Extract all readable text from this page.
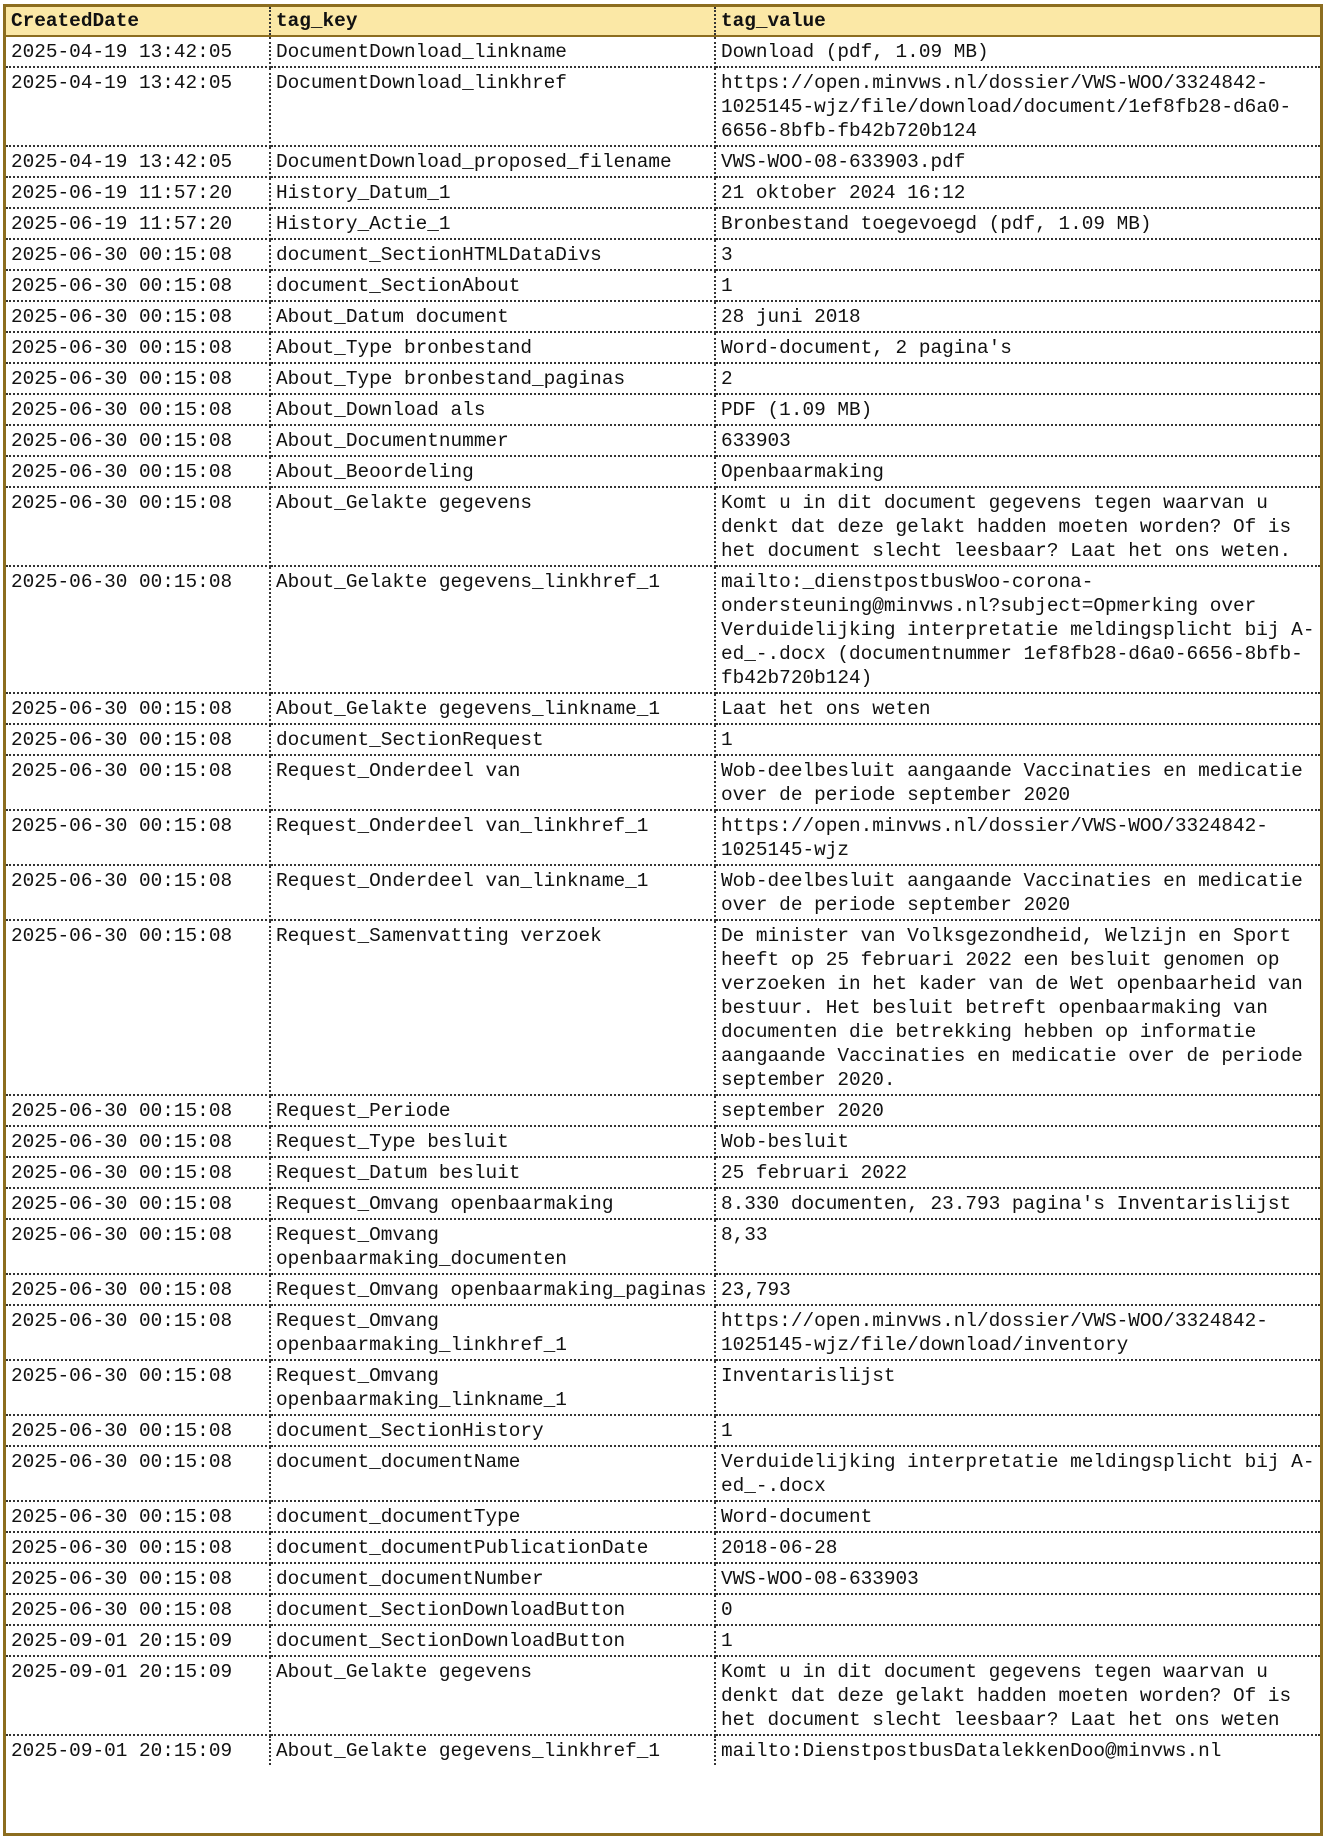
CreatedDate	tag_key	tag_value
2025-04-19 13:42:05	DocumentDownload_linkname	Download (pdf, 1.09 MB)
2025-04-19 13:42:05	DocumentDownload_linkhref	https://open.minvws.nl/dossier/VWS-WOO/3324842-1025145-wjz/file/download/document/1ef8fb28-d6a0-6656-8bfb-fb42b720b124
2025-04-19 13:42:05	DocumentDownload_proposed_filename	VWS-WOO-08-633903.pdf
2025-06-19 11:57:20	History_Datum_1	21 oktober 2024 16:12
2025-06-19 11:57:20	History_Actie_1	Bronbestand toegevoegd (pdf, 1.09 MB)
2025-06-30 00:15:08	document_SectionHTMLDataDivs	3
2025-06-30 00:15:08	document_SectionAbout	1
2025-06-30 00:15:08	About_Datum document	28 juni 2018
2025-06-30 00:15:08	About_Type bronbestand	Word-document, 2 pagina's
2025-06-30 00:15:08	About_Type bronbestand_paginas	2
2025-06-30 00:15:08	About_Download als	PDF (1.09 MB)
2025-06-30 00:15:08	About_Documentnummer	633903
2025-06-30 00:15:08	About_Beoordeling	Openbaarmaking
2025-06-30 00:15:08	About_Gelakte gegevens	Komt u in dit document gegevens tegen waarvan u denkt dat deze gelakt hadden moeten worden? Of is het document slecht leesbaar? Laat het ons weten.
2025-06-30 00:15:08	About_Gelakte gegevens_linkhref_1	mailto:_dienstpostbusWoo-corona-ondersteuning@minvws.nl?subject=Opmerking over Verduidelijking interpretatie meldingsplicht bij A-ed_-.docx (documentnummer 1ef8fb28-d6a0-6656-8bfb-fb42b720b124)
2025-06-30 00:15:08	About_Gelakte gegevens_linkname_1	Laat het ons weten
2025-06-30 00:15:08	document_SectionRequest	1
2025-06-30 00:15:08	Request_Onderdeel van	Wob-deelbesluit aangaande Vaccinaties en medicatie over de periode september 2020
2025-06-30 00:15:08	Request_Onderdeel van_linkhref_1	https://open.minvws.nl/dossier/VWS-WOO/3324842-1025145-wjz
2025-06-30 00:15:08	Request_Onderdeel van_linkname_1	Wob-deelbesluit aangaande Vaccinaties en medicatie over de periode september 2020
2025-06-30 00:15:08	Request_Samenvatting verzoek	De minister van Volksgezondheid, Welzijn en Sport heeft op 25 februari 2022 een besluit genomen op verzoeken in het kader van de Wet openbaarheid van bestuur. Het besluit betreft openbaarmaking van documenten die betrekking hebben op informatie aangaande Vaccinaties en medicatie over de periode september 2020.
2025-06-30 00:15:08	Request_Periode	september 2020
2025-06-30 00:15:08	Request_Type besluit	Wob-besluit
2025-06-30 00:15:08	Request_Datum besluit	25 februari 2022
2025-06-30 00:15:08	Request_Omvang openbaarmaking	8.330 documenten, 23.793 pagina's Inventarislijst
2025-06-30 00:15:08	Request_Omvang openbaarmaking_documenten	8,33
2025-06-30 00:15:08	Request_Omvang openbaarmaking_paginas	23,793
2025-06-30 00:15:08	Request_Omvang openbaarmaking_linkhref_1	https://open.minvws.nl/dossier/VWS-WOO/3324842-1025145-wjz/file/download/inventory
2025-06-30 00:15:08	Request_Omvang openbaarmaking_linkname_1	Inventarislijst
2025-06-30 00:15:08	document_SectionHistory	1
2025-06-30 00:15:08	document_documentName	Verduidelijking interpretatie meldingsplicht bij A-ed_-.docx
2025-06-30 00:15:08	document_documentType	Word-document
2025-06-30 00:15:08	document_documentPublicationDate	2018-06-28
2025-06-30 00:15:08	document_documentNumber	VWS-WOO-08-633903
2025-06-30 00:15:08	document_SectionDownloadButton	0
2025-09-01 20:15:09	document_SectionDownloadButton	1
2025-09-01 20:15:09	About_Gelakte gegevens	Komt u in dit document gegevens tegen waarvan u denkt dat deze gelakt hadden moeten worden? Of is het document slecht leesbaar? Laat het ons weten
2025-09-01 20:15:09	About_Gelakte gegevens_linkhref_1	mailto:DienstpostbusDatalekkenDoo@minvws.nl
